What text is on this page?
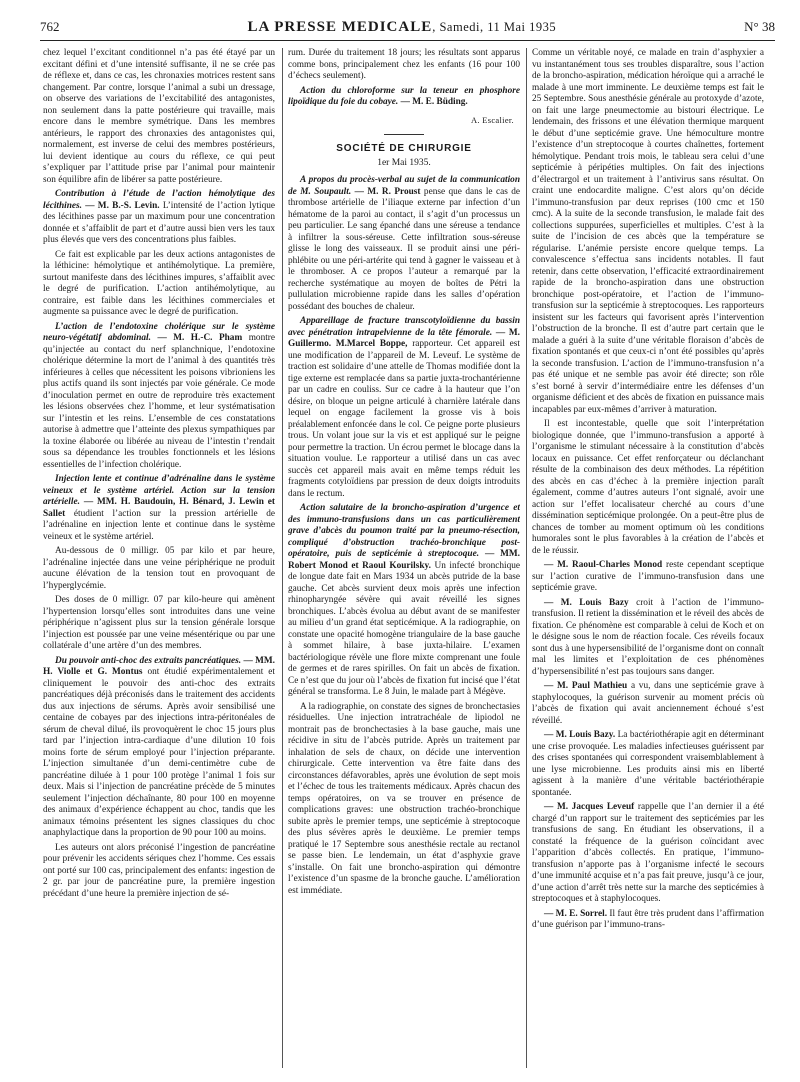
762	LA PRESSE MEDICALE, Samedi, 11 Mai 1935	N° 38

chez lequel l’excitant conditionnel n’a pas été étayé par un excitant défini et d’une intensité suffisante, il ne se crée pas de réflexe et, dans ce cas, les chronaxies motrices restent sans changement. Par contre, lorsque l’animal a subi un dressage, on observe des variations de l’excitabilité des antagonistes, non seulement dans la patte postérieure qui travaille, mais encore dans le membre symétrique. Dans les membres antérieurs, le rapport des chronaxies des antagonistes qui, normalement, est inverse de celui des membres postérieurs, lui devient identique au cours du réflexe, ce qui peut s’expliquer par l’attitude prise par l’animal pour maintenir son équilibre afin de libérer sa patte postérieure.

Contribution à l’étude de l’action hémolytique des lécithines. — M. B.-S. Levin. L’intensité de l’action lytique des lécithines passe par un maximum pour une concentration donnée et s’affaiblit de part et d’autre aussi bien vers les taux plus élevés que vers des concentrations plus faibles.

Ce fait est explicable par les deux actions antagonistes de la léthicine: hémolytique et antihémolytique. La première, surtout manifeste dans des lécithines impures, s’affaiblit avec le degré de purification. L’action antihémolytique, au contraire, est faible dans les lécithines commerciales et augmente sa puissance avec le degré de purification.

L’action de l’endotoxine cholérique sur le système neuro-végétatif abdominal. — M. H.-C. Pham montre qu’injectée au contact du nerf splanchnique, l’endotoxine cholérique détermine la mort de l’animal à des quantités très inférieures à celles que nécessitent les poisons vibrioniens les plus actifs quand ils sont injectés par voie générale. Ce mode d’inoculation permet en outre de reproduire très exactement les lésions observées chez l’homme, et leur systématisation sur l’intestin et les reins. L’ensemble de ces constatations autorise à admettre que l’atteinte des plexus sympathiques par la toxine élaborée ou libérée au niveau de l’intestin t’rendait sous sa dépendance les troubles fonctionnels et les lésions essentielles de l’infection cholérique.

Injection lente et continue d’adrénaline dans le système veineux et le système artériel. Action sur la tension artérielle. — MM. H. Baudouin, H. Bénard, J. Lewin et Sallet étudient l’action sur la pression artérielle de l’adrénaline en injection lente et continue dans le système veineux et le système artériel.

Au-dessous de 0 milligr. 05 par kilo et par heure, l’adrénaline injectée dans une veine périphérique ne produit aucune élévation de la tension tout en provoquant de l’hyperglycémie.

Des doses de 0 milligr. 07 par kilo-heure qui amènent l’hypertension lorsqu’elles sont introduites dans une veine périphérique n’agissent plus sur la tension générale lorsque l’injection est poussée par une veine mésentérique ou par une collatérale d’une artère d’un des membres.

Du pouvoir anti-choc des extraits pancréatiques. — MM. H. Violle et G. Montus ont étudié expérimentalement et cliniquement le pouvoir des anti-choc des extraits pancréatiques déjà préconisés dans le traitement des accidents dus aux injections de sérums. Après avoir sensibilisé une centaine de cobayes par des injections intra-péritonéales de sérum de cheval dilué, ils provoquèrent le choc 15 jours plus tard par l’injection intra-cardiaque d’une dilution 10 fois moins forte de sérum employé pour l’injection préparante. L’injection simultanée d’un demi-centimètre cube de pancréatine diluée à 1 pour 100 protège l’animal 1 fois sur deux. Mais si l’injection de pancréatine précède de 5 minutes seulement l’injection déchaînante, 80 pour 100 en moyenne des animaux d’expérience échappent au choc, tandis que les animaux témoins présentent les signes classiques du choc anaphylactique dans la proportion de 90 pour 100 au moins.

Les auteurs ont alors préconisé l’ingestion de pancréatine pour prévenir les accidents sériques chez l’homme. Ces essais ont porté sur 100 cas, principalement des enfants: ingestion de 2 gr. par jour de pancréatine pure, la première ingestion précédant d’une heure la première injection de sé-

rum. Durée du traitement 18 jours; les résultats sont apparus comme bons, principalement chez les enfants (16 pour 100 d’échecs seulement).

Action du chloroforme sur la teneur en phosphore lipoïdique du foie du cobaye. — M. E. Büding.

A. Escalier.
SOCIÉTÉ DE CHIRURGIE
1er Mai 1935.

A propos du procès-verbal au sujet de la communication de M. Soupault. — M. R. Proust pense que dans le cas de thrombose artérielle de l’iliaque externe par infection d’un hématome de la paroi au contact, il s’agit d’un processus un peu particulier. Le sang épanché dans une séreuse a tendance à infiltrer la sous-séreuse. Cette infiltration sous-séreuse glisse le long des vaisseaux. Il se produit ainsi une péri-phlébite ou une péri-artérite qui tend à gagner le vaisseau et à le thromboser. A ce propos l’auteur a remarqué par la recherche systématique au moyen de boîtes de Pétri la pullulation microbienne rapide dans les salles d’opération possédant des bouches de chaleur.

Appareillage de fracture transcotyloïdienne du bassin avec pénétration intrapelvienne de la tête fémorale. — M. Guillermo. M.Marcel Boppe, rapporteur. Cet appareil est une modification de l’appareil de M. Leveuf. Le système de traction est solidaire d’une attelle de Thomas modifiée dont la tige externe est remplacée dans sa partie juxta-trochantérienne par un cadre en couliss. Sur ce cadre à la hauteur que l’on désire, on bloque un peigne articulé à charnière latérale dans lequel on engage facilement la grosse vis à bois préalablement enfoncée dans le col. Ce peigne porte plusieurs trous. Un volant joue sur la vis et est appliqué sur le peigne pour permettre la traction. Un écrou permet le blocage dans la situation voulue. Le rapporteur a utilisé dans un cas avec succès cet appareil mais avait en même temps réduit les fragments cotyloïdiens par pression de deux doigts introduits dans le rectum.

Action salutaire de la broncho-aspiration d’urgence et des immuno-transfusions dans un cas particulièrement grave d’abcès du poumon traité par la pneumo-résection, compliqué d’obstruction trachéo-bronchique post-opératoire, puis de septicémie à streptocoque. — MM. Robert Monod et Raoul Kourilsky. Un infecté bronchique de longue date fait en Mars 1934 un abcès putride de la base gauche. Cet abcès survient deux mois après une infection rhinopharyngée sévère qui avait réveillé les signes bronchiques. L’abcès évolua au début avant de se manifester au milieu d’un grand état septicémique. A la radiographie, on constate une opacité homogène triangulaire de la base gauche à sommet hilaire, à base juxta-hilaire. L’examen bactériologique révèle une flore mixte comprenant une foule de germes et de rares spirilles. On fait un abcès de fixation. Ce n’est que du jour où l’abcès de fixation fut incisé que l’état général se transforma. Le 8 Juin, le malade part à Mégève.

A la radiographie, on constate des signes de bronchectasies résiduelles. Une injection intratrachéale de lipiodol ne montrait pas de bronchectasies à la base gauche, mais une récidive in situ de l’abcès putride. Après un traitement par inhalation de sels de chaux, on décide une intervention chirurgicale. Cette intervention va être faite dans des circonstances défavorables, après une évolution de sept mois et l’échec de tous les traitements médicaux. Après chacun des temps opératoires, on va se trouver en présence de complications graves: une obstruction trachéo-bronchique subite après le premier temps, une septicémie à streptocoque des plus sévères après le deuxième. Le premier temps pratiqué le 17 Septembre sous anesthésie rectale au rectanol se passe bien. Le lendemain, un état d’asphyxie grave s’installe. On fait une broncho-aspiration qui démontre l’existence d’un spasme de la bronche gauche. L’amélioration est immédiate.

Comme un véritable noyé, ce malade en train d’asphyxier a vu instantanément tous ses troubles disparaître, sous l’action de la broncho-aspiration, médication héroïque qui a arraché le malade à une mort imminente. Le deuxième temps est fait le 25 Septembre. Sous anesthésie générale au protoxyde d’azote, on fait une large pneumectomie au bistouri électrique. Le lendemain, des frissons et une élévation thermique marquent le début d’une septicémie grave. Une hémoculture montre l’existence d’un streptocoque à courtes chaînettes, fortement hémolytique. Pendant trois mois, le tableau sera celui d’une septicémie à péripéties multiples. On fait des injections d’électrargol et un traitement à l’antivirus sans résultat. On craint une endocardite maligne. C’est alors qu’on décide l’immuno-transfusion par deux reprises (100 cmc et 150 cmc). A la suite de la seconde transfusion, le malade fait des collections suppurées, superficielles et multiples. C’est à la suite de l’incision de ces abcès que la température se régularise. L’anémie persiste encore quelque temps. La convalescence s’effectua sans incidents notables. Il faut retenir, dans cette observation, l’efficacité extraordinairement rapide de la broncho-aspiration dans une obstruction bronchique post-opératoire, et l’action de l’immuno-transfusion sur la septicémie à streptocoques. Les rapporteurs insistent sur les facteurs qui favorisent après l’intervention l’obstruction de la bronche. Il est d’autre part certain que le malade a guéri à la suite d’une véritable floraison d’abcès de fixation spontanés et que ceux-ci n’ont été possibles qu’après la seconde transfusion. L’action de l’immuno-transfusion n’a pas été unique et ne semble pas avoir été directe; son rôle s’est borné à servir d’intermédiaire entre les défenses d’un organisme déficient et des abcès de fixation en puissance mais incapables par eux-mêmes d’arriver à maturation.

Il est incontestable, quelle que soit l’interprétation biologique donnée, que l’immuno-transfusion a apporté à l’organisme le stimulant nécessaire à la constitution d’abcès locaux en puissance. Cet effet renforçateur ou déclanchant résulte de la combinaison des deux méthodes. La répétition des abcès en cas d’échec à la première injection paraît également, comme d’autres auteurs l’ont signalé, avoir une action sur l’effet localisateur cherché au cours d’une dissémination septicémique prolongée. On a peut-être plus de chances de tomber au moment optimum où les conditions humorales sont le plus favorables à la création de l’abcès et de le réussir.

— M. Raoul-Charles Monod reste cependant sceptique sur l’action curative de l’immuno-transfusion dans une septicémie grave.

— M. Louis Bazy croit à l’action de l’immuno-transfusion. Il retient la dissémination et le réveil des abcès de fixation. Ce phénomène est comparable à celui de Koch et on le désigne sous le nom de réaction focale. Ces réveils focaux sont dus à une hypersensibilité de l’organisme dont on connaît mal les limites et l’exploitation de ces phénomènes d’hypersensibilité n’est pas toujours sans danger.

— M. Paul Mathieu a vu, dans une septicémie grave à staphylocoques, la guérison survenir au moment précis où l’abcès de fixation qui avait anciennement échoué s’est réveillé.

— M. Louis Bazy. La bactériothérapie agit en déterminant une crise provoquée. Les maladies infectieuses guérissent par des crises spontanées qui correspondent vraisemblablement à une lyse microbienne. Les produits ainsi mis en liberté agissent à la manière d’une véritable bactériothérapie spontanée.

— M. Jacques Leveuf rappelle que l’an dernier il a été chargé d’un rapport sur le traitement des septicémies par les transfusions de sang. En étudiant les observations, il a constaté la fréquence de la guérison coïncidant avec l’apparition d’abcès collectés. En pratique, l’immuno-transfusion n’apporte pas à l’organisme infecté le secours d’une immunité acquise et n’a pas fait preuve, jusqu’à ce jour, d’une action d’arrêt très nette sur la marche des septicémies à streptocoques et à staphylocoques.

— M. E. Sorrel. Il faut être très prudent dans l’affirmation d’une guérison par l’immuno-trans-
